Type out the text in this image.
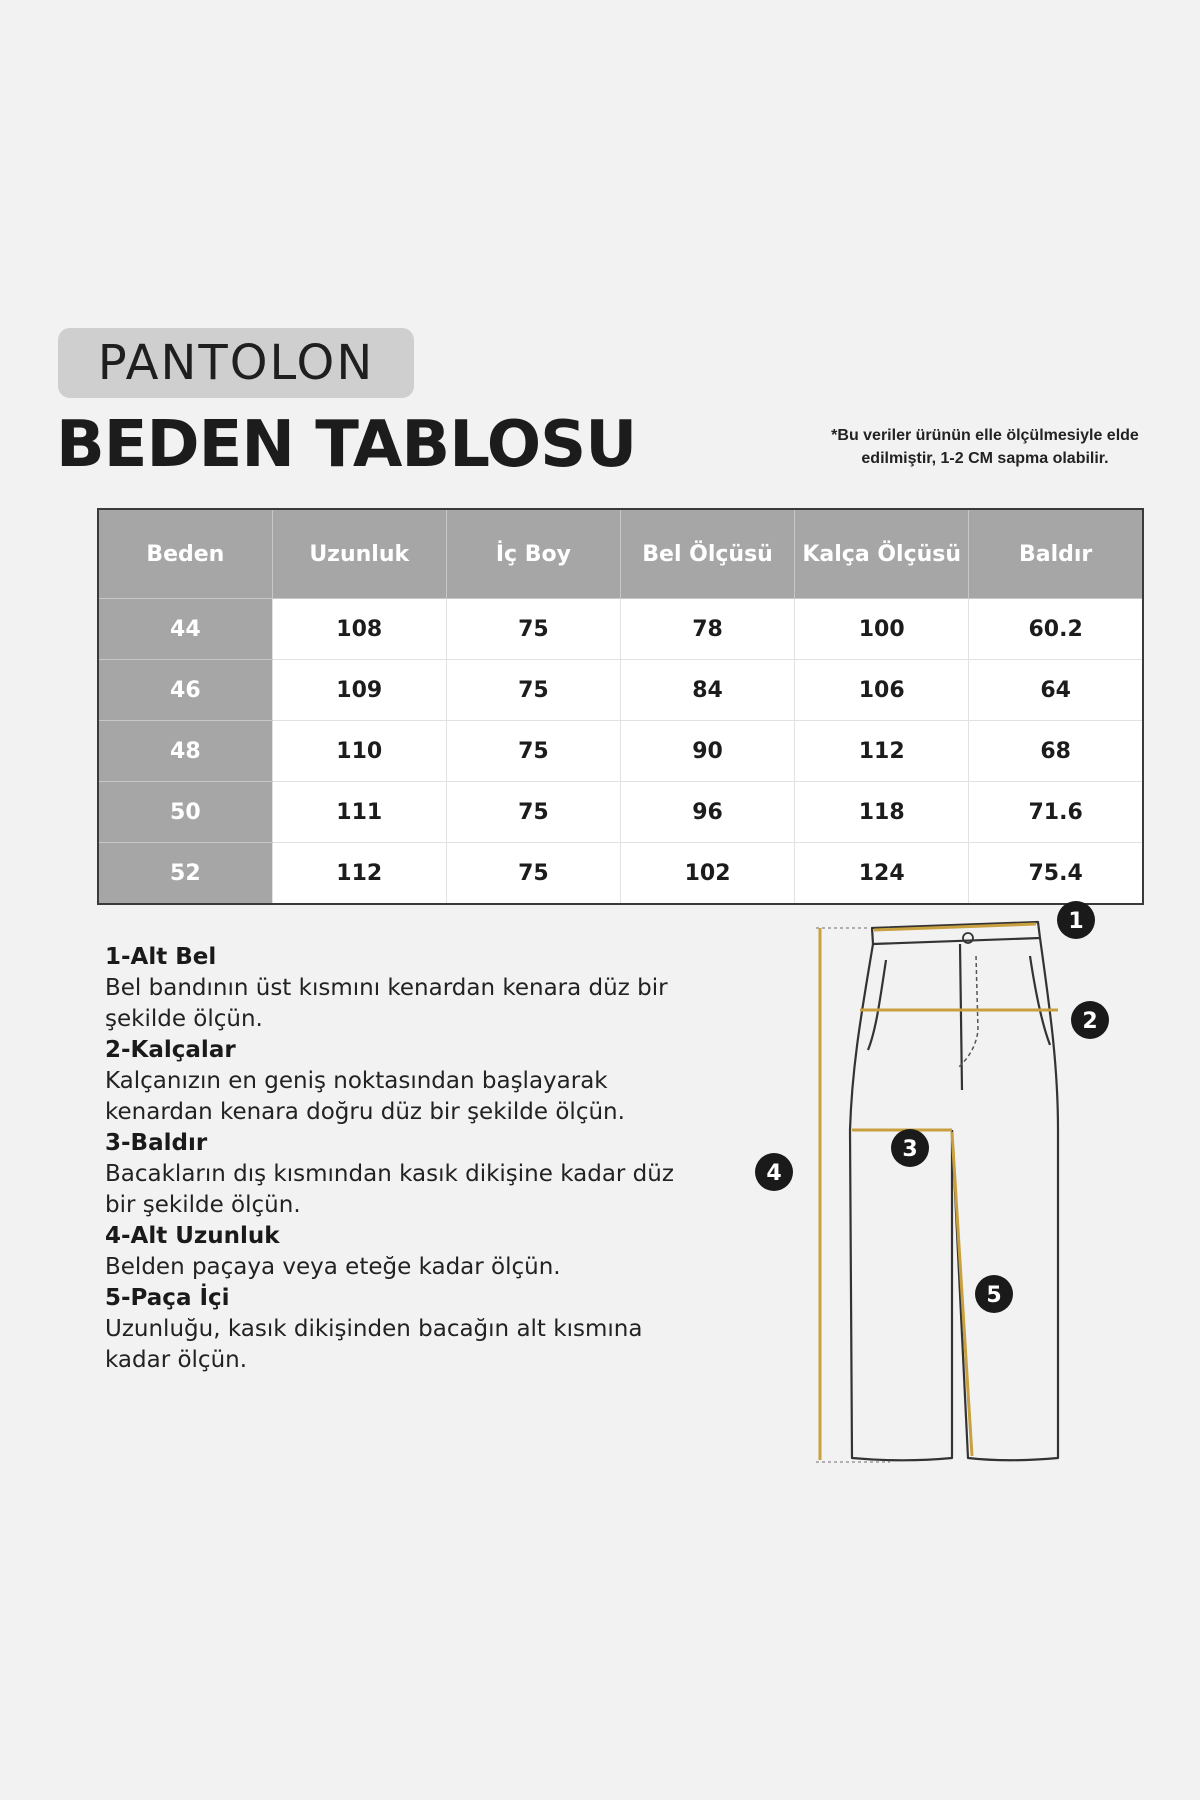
PANTOLON
BEDEN TABLOSU	*Bu veriler ürünün elle ölçülmesiyle elde edilmiştir, 1-2 CM sapma olabilir.
Beden	Uzunluk	İç Boy	Bel Ölçüsü	Kalça Ölçüsü	Baldır
44	108	75	78	100	60.2
46	109	75	84	106	64
48	110	75	90	112	68
50	111	75	96	118	71.6
52	112	75	102	124	75.4

1-Alt Bel

Bel bandının üst kısmını kenardan kenara düz bir şekilde ölçün.

2-Kalçalar

Kalçanızın en geniş noktasından başlayarak kenardan kenara doğru düz bir şekilde ölçün.

3-Baldır

Bacakların dış kısmından kasık dikişine kadar düz bir şekilde ölçün.

4-Alt Uzunluk

Belden paçaya veya eteğe kadar ölçün.

5-Paça İçi

Uzunluğu, kasık dikişinden bacağın alt kısmına kadar ölçün.

1
2
3
4
5
